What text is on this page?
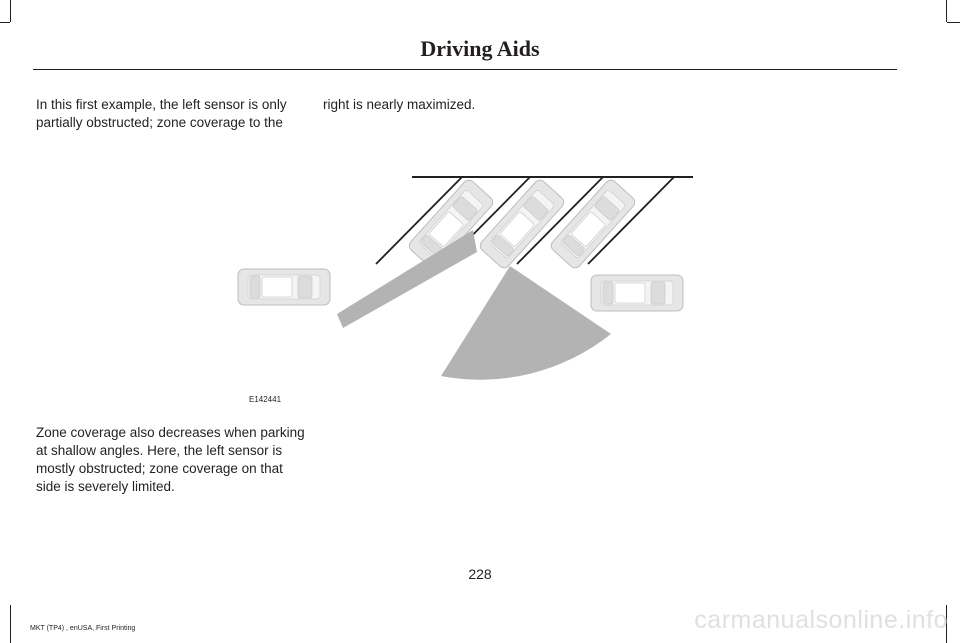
Driving Aids

In this first example, the left sensor is only partially obstructed; zone coverage to the

right is nearly maximized.

E142441

Zone coverage also decreases when parking at shallow angles. Here, the left sensor is mostly obstructed; zone coverage on that side is severely limited.

228
MKT (TP4) , enUSA, First Printing	carmanualsonline.info
